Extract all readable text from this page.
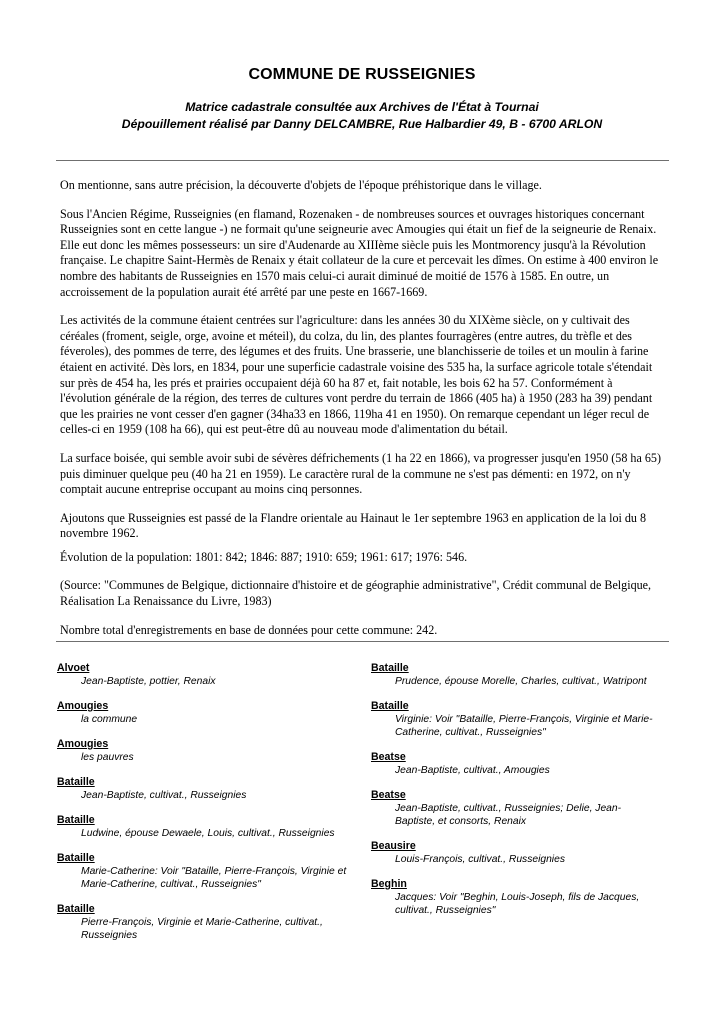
COMMUNE DE RUSSEIGNIES
Matrice cadastrale consultée aux Archives de l'État à Tournai
Dépouillement réalisé par Danny DELCAMBRE, Rue Halbardier 49, B - 6700 ARLON

On mentionne, sans autre précision, la découverte d'objets de l'époque préhistorique dans le village.

Sous l'Ancien Régime, Russeignies (en flamand, Rozenaken - de nombreuses sources et ouvrages historiques concernant Russeignies sont en cette langue -) ne formait qu'une seigneurie avec Amougies qui était un fief de la seigneurie de Renaix. Elle eut donc les mêmes possesseurs: un sire d'Audenarde au XIIIème siècle puis les Montmorency jusqu'à la Révolution française. Le chapitre Saint-Hermès de Renaix y était collateur de la cure et percevait les dîmes. On estime à 400 environ le nombre des habitants de Russeignies en 1570 mais celui-ci aurait diminué de moitié de 1576 à 1585. En outre, un accroissement de la population aurait été arrêté par une peste en 1667-1669.

Les activités de la commune étaient centrées sur l'agriculture: dans les années 30 du XIXème siècle, on y cultivait des céréales (froment, seigle, orge, avoine et méteil), du colza, du lin, des plantes fourragères (entre autres, du trèfle et des féveroles), des pommes de terre, des légumes et des fruits. Une brasserie, une blanchisserie de toiles et un moulin à farine étaient en activité. Dès lors, en 1834, pour une superficie cadastrale voisine des 535 ha, la surface agricole totale s'étendait sur près de 454 ha, les prés et prairies occupaient déjà 60 ha 87 et, fait notable, les bois 62 ha 57. Conformément à l'évolution générale de la région, des terres de cultures vont perdre du terrain de 1866 (405 ha) à 1950 (283 ha 39) pendant que les prairies ne vont cesser d'en gagner (34ha33 en 1866, 119ha 41 en 1950). On remarque cependant un léger recul de celles-ci en 1959 (108 ha 66), qui est peut-être dû au nouveau mode d'alimentation du bétail.

La surface boisée, qui semble avoir subi de sévères défrichements (1 ha 22 en 1866), va progresser jusqu'en 1950 (58 ha 65) puis diminuer quelque peu (40 ha 21 en 1959). Le caractère rural de la commune ne s'est pas démenti: en 1972, on n'y comptait aucune entreprise occupant au moins cinq personnes.

Ajoutons que Russeignies est passé de la Flandre orientale au Hainaut le 1er septembre 1963 en application de la loi du 8 novembre 1962.

Évolution de la population: 1801: 842; 1846: 887; 1910: 659; 1961: 617; 1976: 546.

(Source: "Communes de Belgique, dictionnaire d'histoire et de géographie administrative", Crédit communal de Belgique, Réalisation La Renaissance du Livre, 1983)

Nombre total d'enregistrements en base de données pour cette commune: 242.

Alvoet
Jean-Baptiste, pottier, Renaix
Amougies
la commune
Amougies
les pauvres
Bataille
Jean-Baptiste, cultivat., Russeignies
Bataille
Ludwine, épouse Dewaele, Louis, cultivat., Russeignies
Bataille
Marie-Catherine: Voir "Bataille, Pierre-François, Virginie et Marie-Catherine, cultivat., Russeignies"
Bataille
Pierre-François, Virginie et Marie-Catherine, cultivat., Russeignies
Bataille
Prudence, épouse Morelle, Charles, cultivat., Watripont
Bataille
Virginie: Voir "Bataille, Pierre-François, Virginie et Marie-Catherine, cultivat., Russeignies"
Beatse
Jean-Baptiste, cultivat., Amougies
Beatse
Jean-Baptiste, cultivat., Russeignies; Delie, Jean-Baptiste, et consorts, Renaix
Beausire
Louis-François, cultivat., Russeignies
Beghin
Jacques: Voir "Beghin, Louis-Joseph, fils de Jacques, cultivat., Russeignies"
